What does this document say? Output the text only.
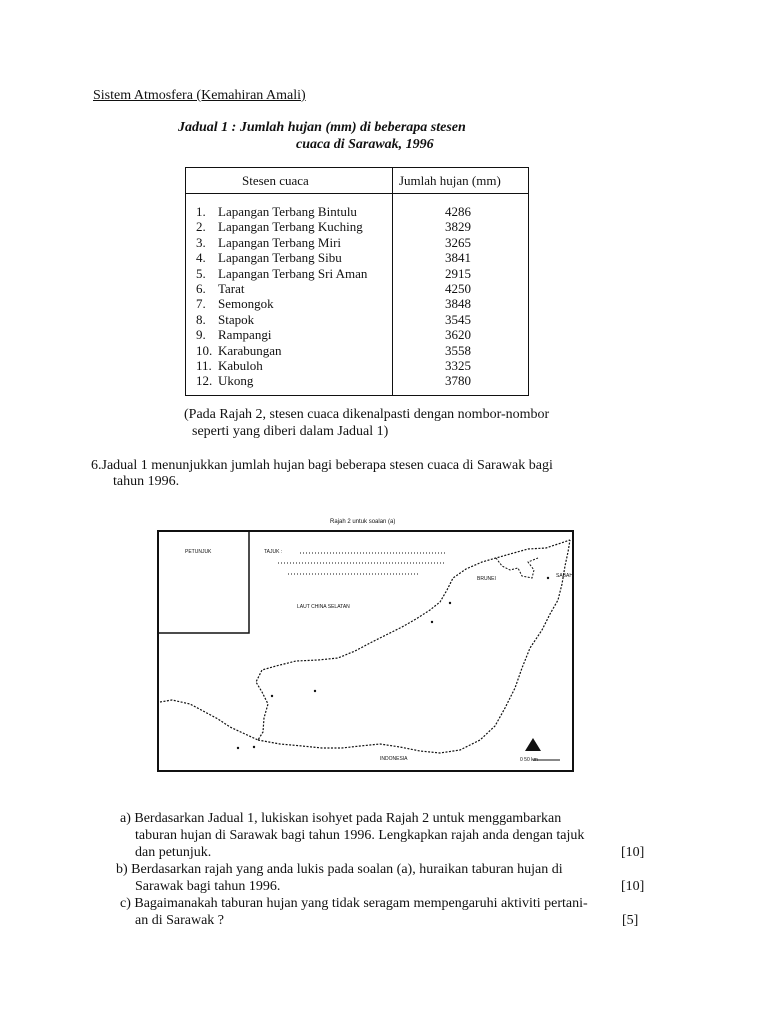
Sistem Atmosfera (Kemahiran Amali)
Jadual 1 : Jumlah hujan (mm) di beberapa stesen
cuaca di Sarawak, 1996
Stesen cuaca	Jumlah hujan (mm)
1. Lapangan Terbang Bintulu	4286
2. Lapangan Terbang Kuching	3829
3. Lapangan Terbang Miri	3265
4. Lapangan Terbang Sibu	3841
5. Lapangan Terbang Sri Aman	2915
6. Tarat	4250
7. Semongok	3848
8. Stapok	3545
9. Rampangi	3620
10. Karabungan	3558
11. Kabuloh	3325
12. Ukong	3780
(Pada Rajah 2, stesen cuaca dikenalpasti dengan nombor-nombor
seperti yang diberi dalam Jadual 1)
6.Jadual 1 menunjukkan jumlah hujan bagi beberapa stesen cuaca di Sarawak bagi
tahun 1996.
Rajah 2 untuk soalan (a)
PETUNJUK	TAJUK :
LAUT CHINA SELATAN
BRUNEI	SABAH
INDONESIA	0 50 km
a) Berdasarkan Jadual 1, lukiskan isohyet pada Rajah 2 untuk menggambarkan
taburan hujan di Sarawak bagi tahun 1996. Lengkapkan rajah anda dengan tajuk
dan petunjuk.	[10]
b) Berdasarkan rajah yang anda lukis pada soalan (a), huraikan taburan hujan di
Sarawak bagi tahun 1996.	[10]
c) Bagaimanakah taburan hujan yang tidak seragam mempengaruhi aktiviti pertani-
an di Sarawak ?	[5]
